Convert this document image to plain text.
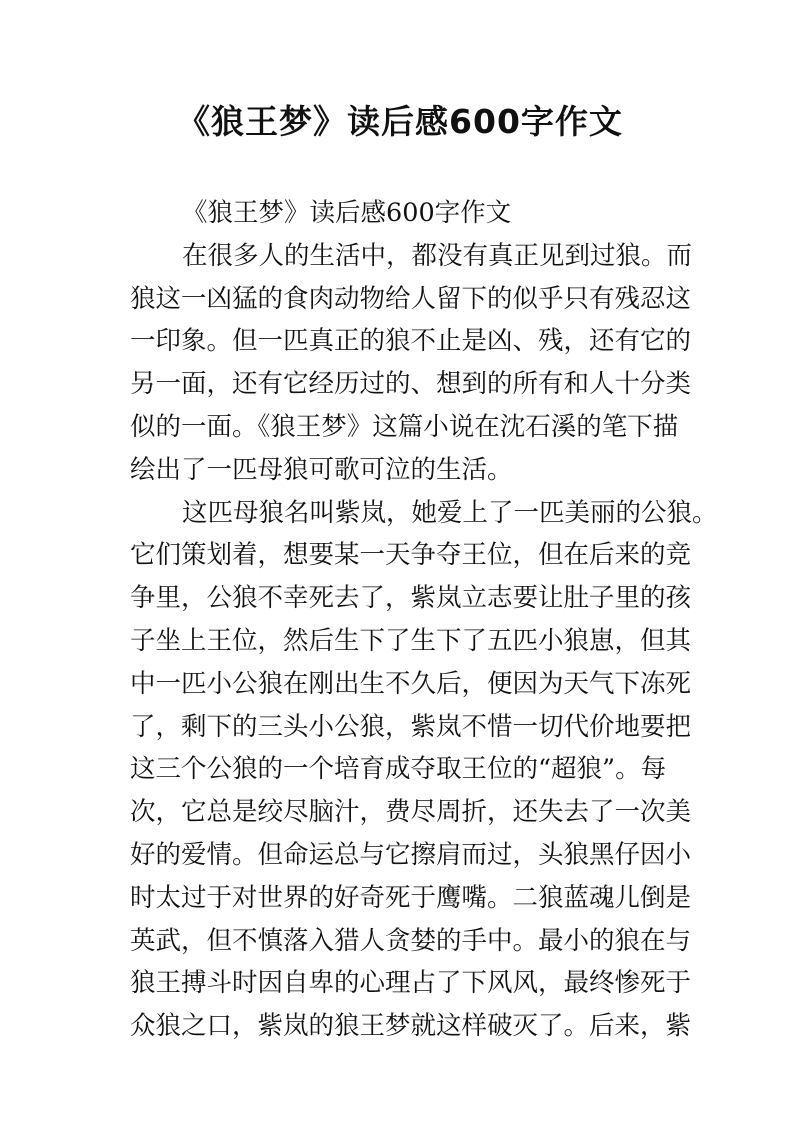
《狼王梦》读后感600字作文
《狼王梦》读后感600字作文
在很多人的生活中，都没有真正见到过狼。而
狼这一凶猛的食肉动物给人留下的似乎只有残忍这
一印象。但一匹真正的狼不止是凶、残，还有它的
另一面，还有它经历过的、想到的所有和人十分类
似的一面。《狼王梦》这篇小说在沈石溪的笔下描
绘出了一匹母狼可歌可泣的生活。
这匹母狼名叫紫岚，她爱上了一匹美丽的公狼。
它们策划着，想要某一天争夺王位，但在后来的竞
争里，公狼不幸死去了，紫岚立志要让肚子里的孩
子坐上王位，然后生下了生下了五匹小狼崽，但其
中一匹小公狼在刚出生不久后，便因为天气下冻死
了，剩下的三头小公狼，紫岚不惜一切代价地要把
这三个公狼的一个培育成夺取王位的“超狼”。每
次，它总是绞尽脑汁，费尽周折，还失去了一次美
好的爱情。但命运总与它擦肩而过，头狼黑仔因小
时太过于对世界的好奇死于鹰嘴。二狼蓝魂儿倒是
英武，但不慎落入猎人贪婪的手中。最小的狼在与
狼王搏斗时因自卑的心理占了下风风，最终惨死于
众狼之口，紫岚的狼王梦就这样破灭了。后来，紫
